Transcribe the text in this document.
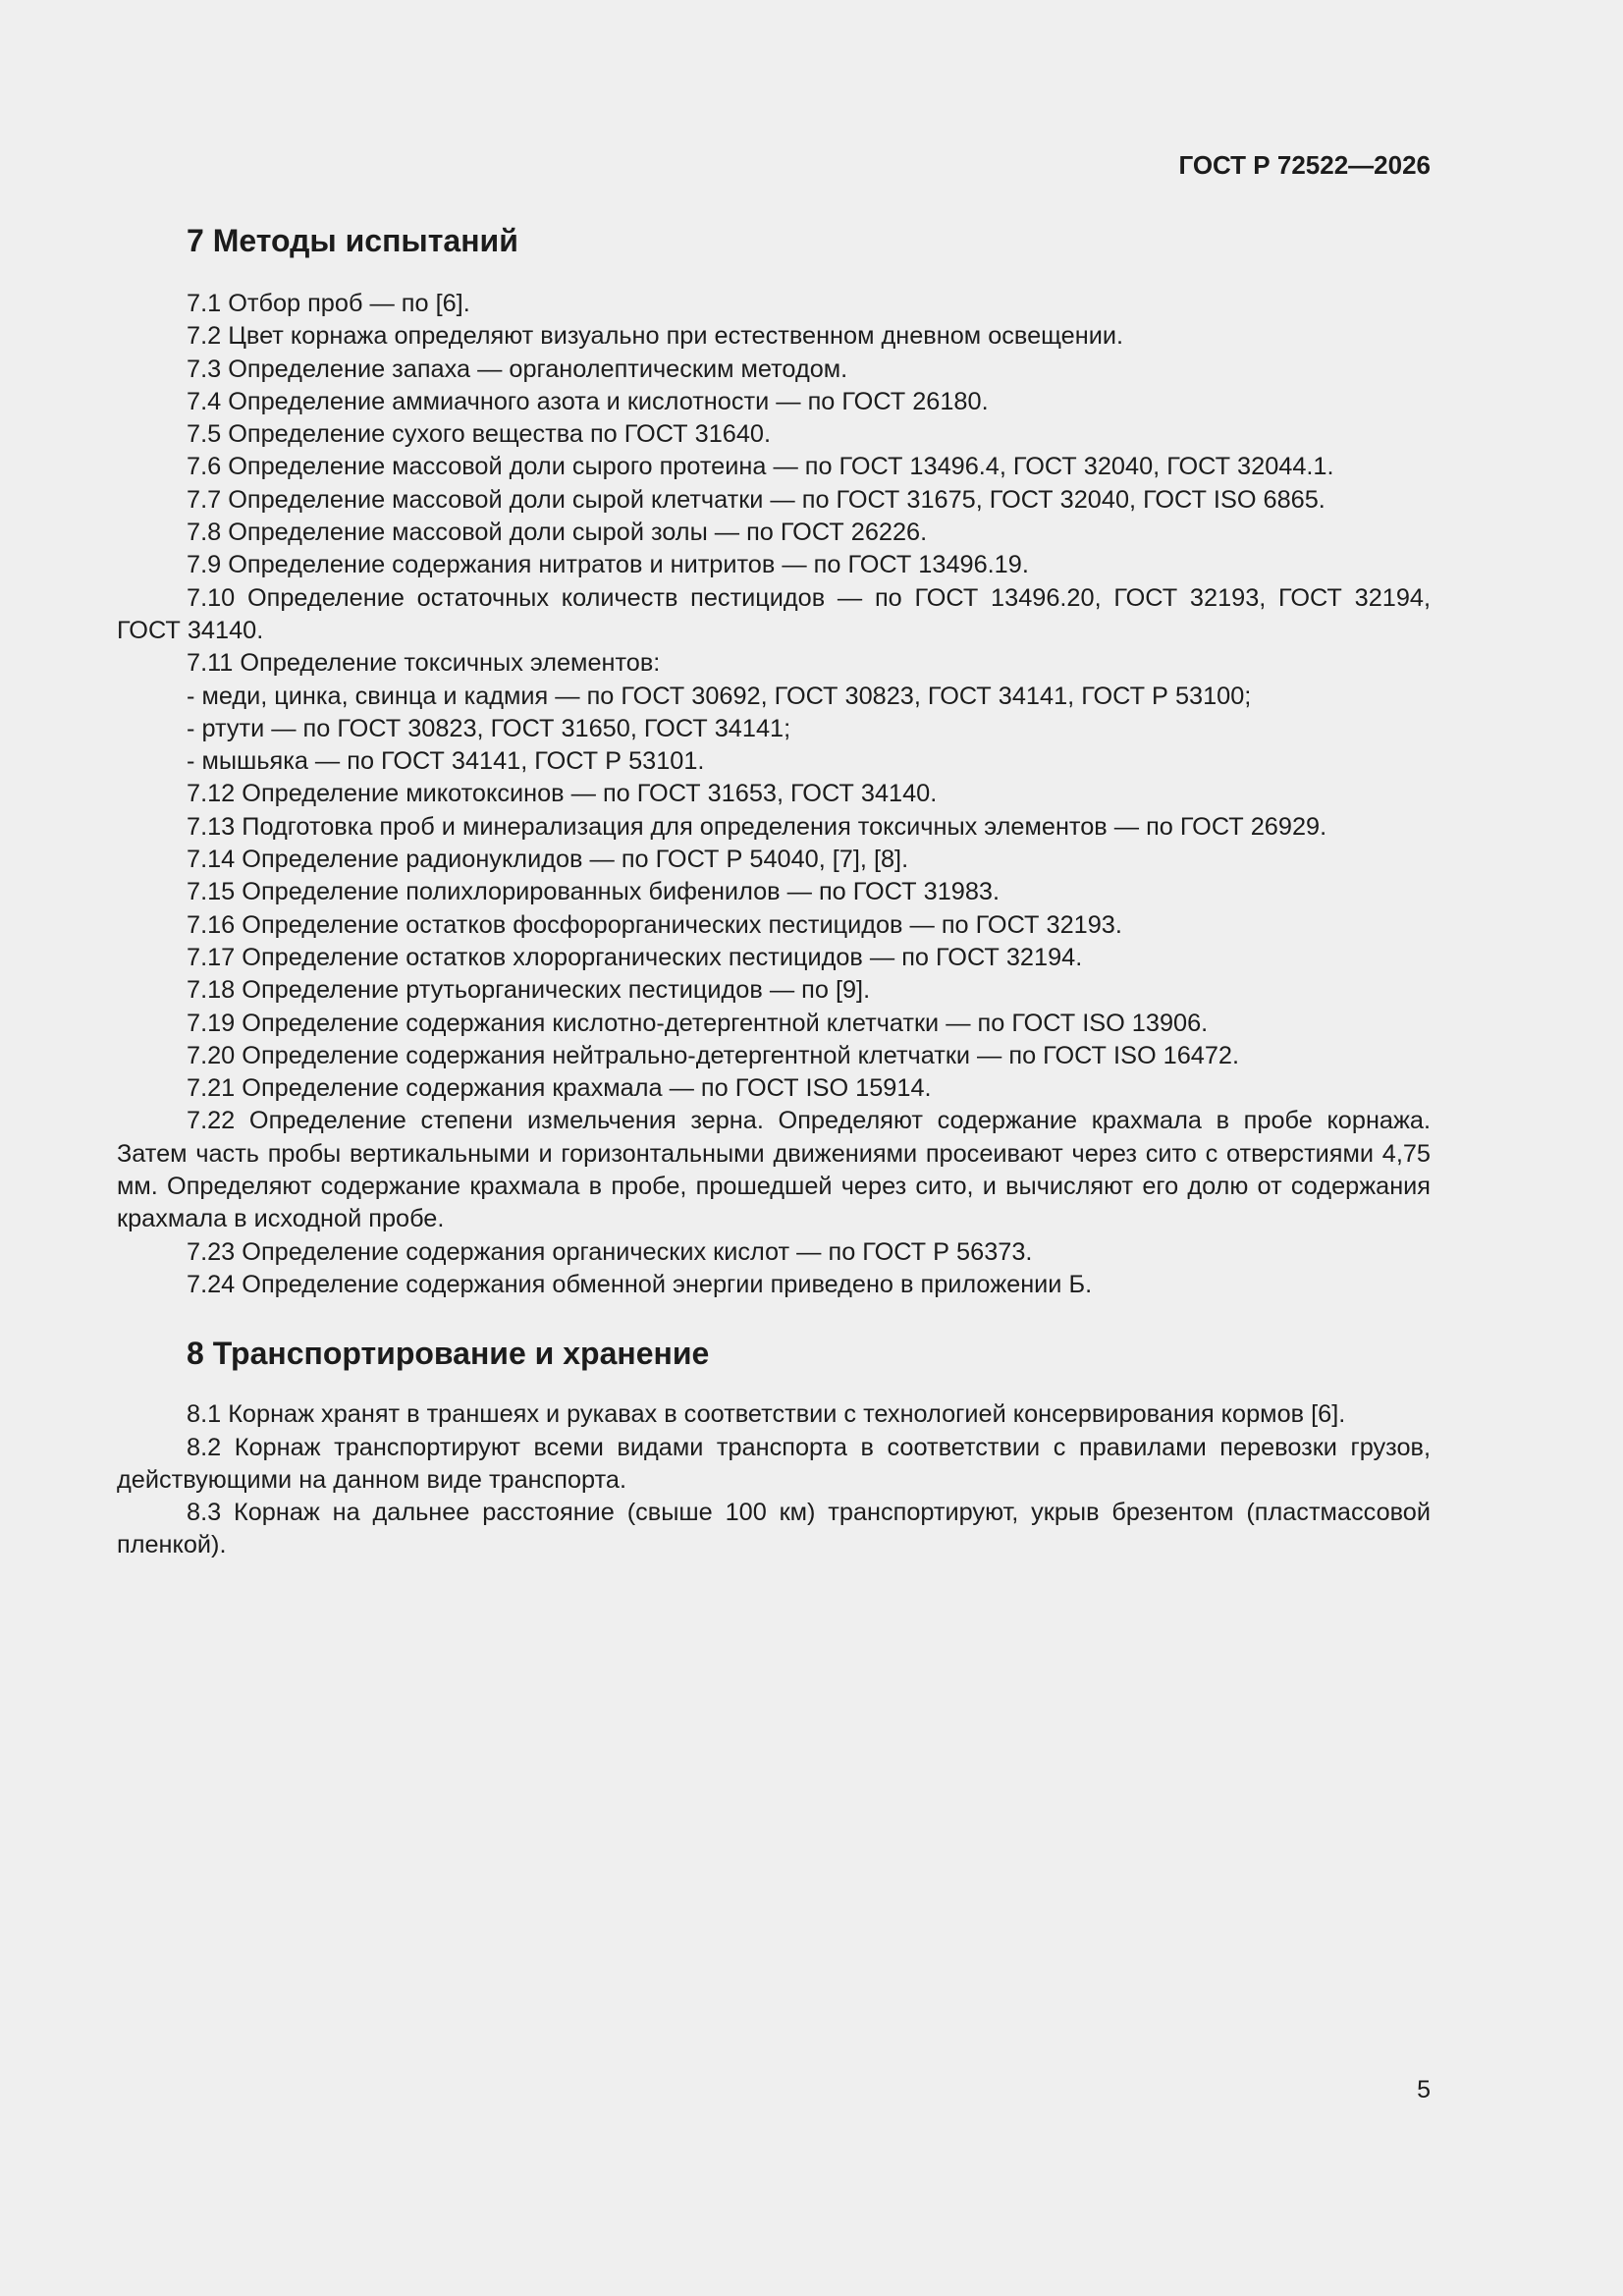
ГОСТ Р 72522—2026
7 Методы испытаний

7.1 Отбор проб — по [6].

7.2 Цвет корнажа определяют визуально при естественном дневном освещении.

7.3 Определение запаха — органолептическим методом.

7.4 Определение аммиачного азота и кислотности — по ГОСТ 26180.

7.5 Определение сухого вещества по ГОСТ 31640.

7.6 Определение массовой доли сырого протеина — по ГОСТ 13496.4, ГОСТ 32040, ГОСТ 32044.1.

7.7 Определение массовой доли сырой клетчатки — по ГОСТ 31675, ГОСТ 32040, ГОСТ ISO 6865.

7.8 Определение массовой доли сырой золы — по ГОСТ 26226.

7.9 Определение содержания нитратов и нитритов — по ГОСТ 13496.19.

7.10 Определение остаточных количеств пестицидов — по ГОСТ 13496.20, ГОСТ 32193, ГОСТ 32194, ГОСТ 34140.

7.11 Определение токсичных элементов:

- меди, цинка, свинца и кадмия — по ГОСТ 30692, ГОСТ 30823, ГОСТ 34141, ГОСТ Р 53100;

- ртути — по ГОСТ 30823, ГОСТ 31650, ГОСТ 34141;

- мышьяка — по ГОСТ 34141, ГОСТ Р 53101.

7.12 Определение микотоксинов — по ГОСТ 31653, ГОСТ 34140.

7.13 Подготовка проб и минерализация для определения токсичных элементов — по ГОСТ 26929.

7.14 Определение радионуклидов — по ГОСТ Р 54040, [7], [8].

7.15 Определение полихлорированных бифенилов — по ГОСТ 31983.

7.16 Определение остатков фосфорорганических пестицидов — по ГОСТ 32193.

7.17 Определение остатков хлорорганических пестицидов — по ГОСТ 32194.

7.18 Определение ртутьорганических пестицидов — по [9].

7.19 Определение содержания кислотно-детергентной клетчатки — по ГОСТ ISO 13906.

7.20 Определение содержания нейтрально-детергентной клетчатки — по ГОСТ ISO 16472.

7.21 Определение содержания крахмала — по ГОСТ ISO 15914.

7.22 Определение степени измельчения зерна. Определяют содержание крахмала в пробе корнажа. Затем часть пробы вертикальными и горизонтальными движениями просеивают через сито с отверстиями 4,75 мм. Определяют содержание крахмала в пробе, прошедшей через сито, и вычисляют его долю от содержания крахмала в исходной пробе.

7.23 Определение содержания органических кислот — по ГОСТ Р 56373.

7.24 Определение содержания обменной энергии приведено в приложении Б.

8 Транспортирование и хранение

8.1 Корнаж хранят в траншеях и рукавах в соответствии с технологией консервирования кормов [6].

8.2 Корнаж транспортируют всеми видами транспорта в соответствии с правилами перевозки грузов, действующими на данном виде транспорта.

8.3 Корнаж на дальнее расстояние (свыше 100 км) транспортируют, укрыв брезентом (пластмассовой пленкой).

5
